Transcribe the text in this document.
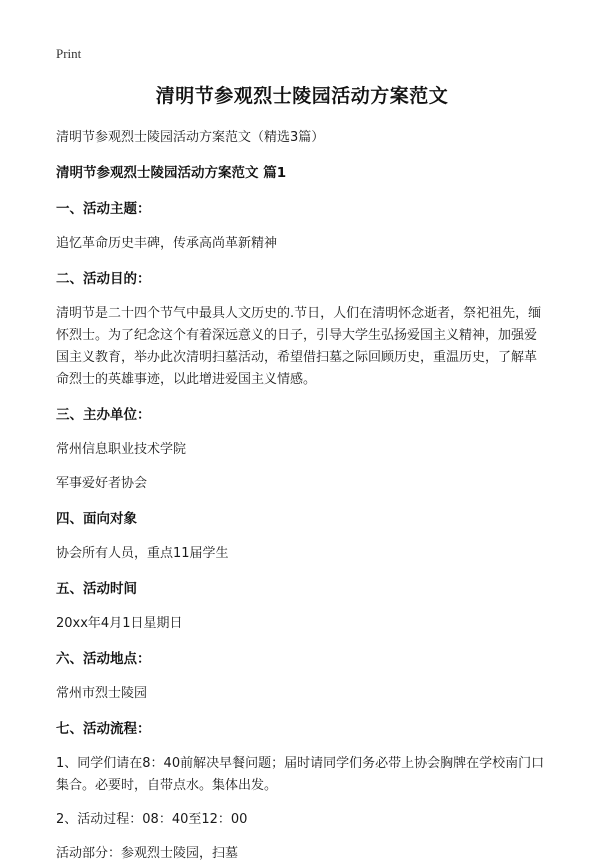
Print
清明节参观烈士陵园活动方案范文
清明节参观烈士陵园活动方案范文（精选3篇）
清明节参观烈士陵园活动方案范文 篇1
一、活动主题：
追忆革命历史丰碑，传承高尚革新精神
二、活动目的：
清明节是二十四个节气中最具人文历史的.节日，人们在清明怀念逝者，祭祀祖先，缅怀烈士。为了纪念这个有着深远意义的日子，引导大学生弘扬爱国主义精神，加强爱国主义教育，举办此次清明扫墓活动，希望借扫墓之际回顾历史，重温历史，了解革命烈士的英雄事迹，以此增进爱国主义情感。
三、主办单位：
常州信息职业技术学院
军事爱好者协会
四、面向对象
协会所有人员，重点11届学生
五、活动时间
20xx年4月1日星期日
六、活动地点：
常州市烈士陵园
七、活动流程：
1、同学们请在8：40前解决早餐问题；届时请同学们务必带上协会胸牌在学校南门口集合。必要时，自带点水。集体出发。
2、活动过程：08：40至12：00
活动部分：参观烈士陵园，扫墓
